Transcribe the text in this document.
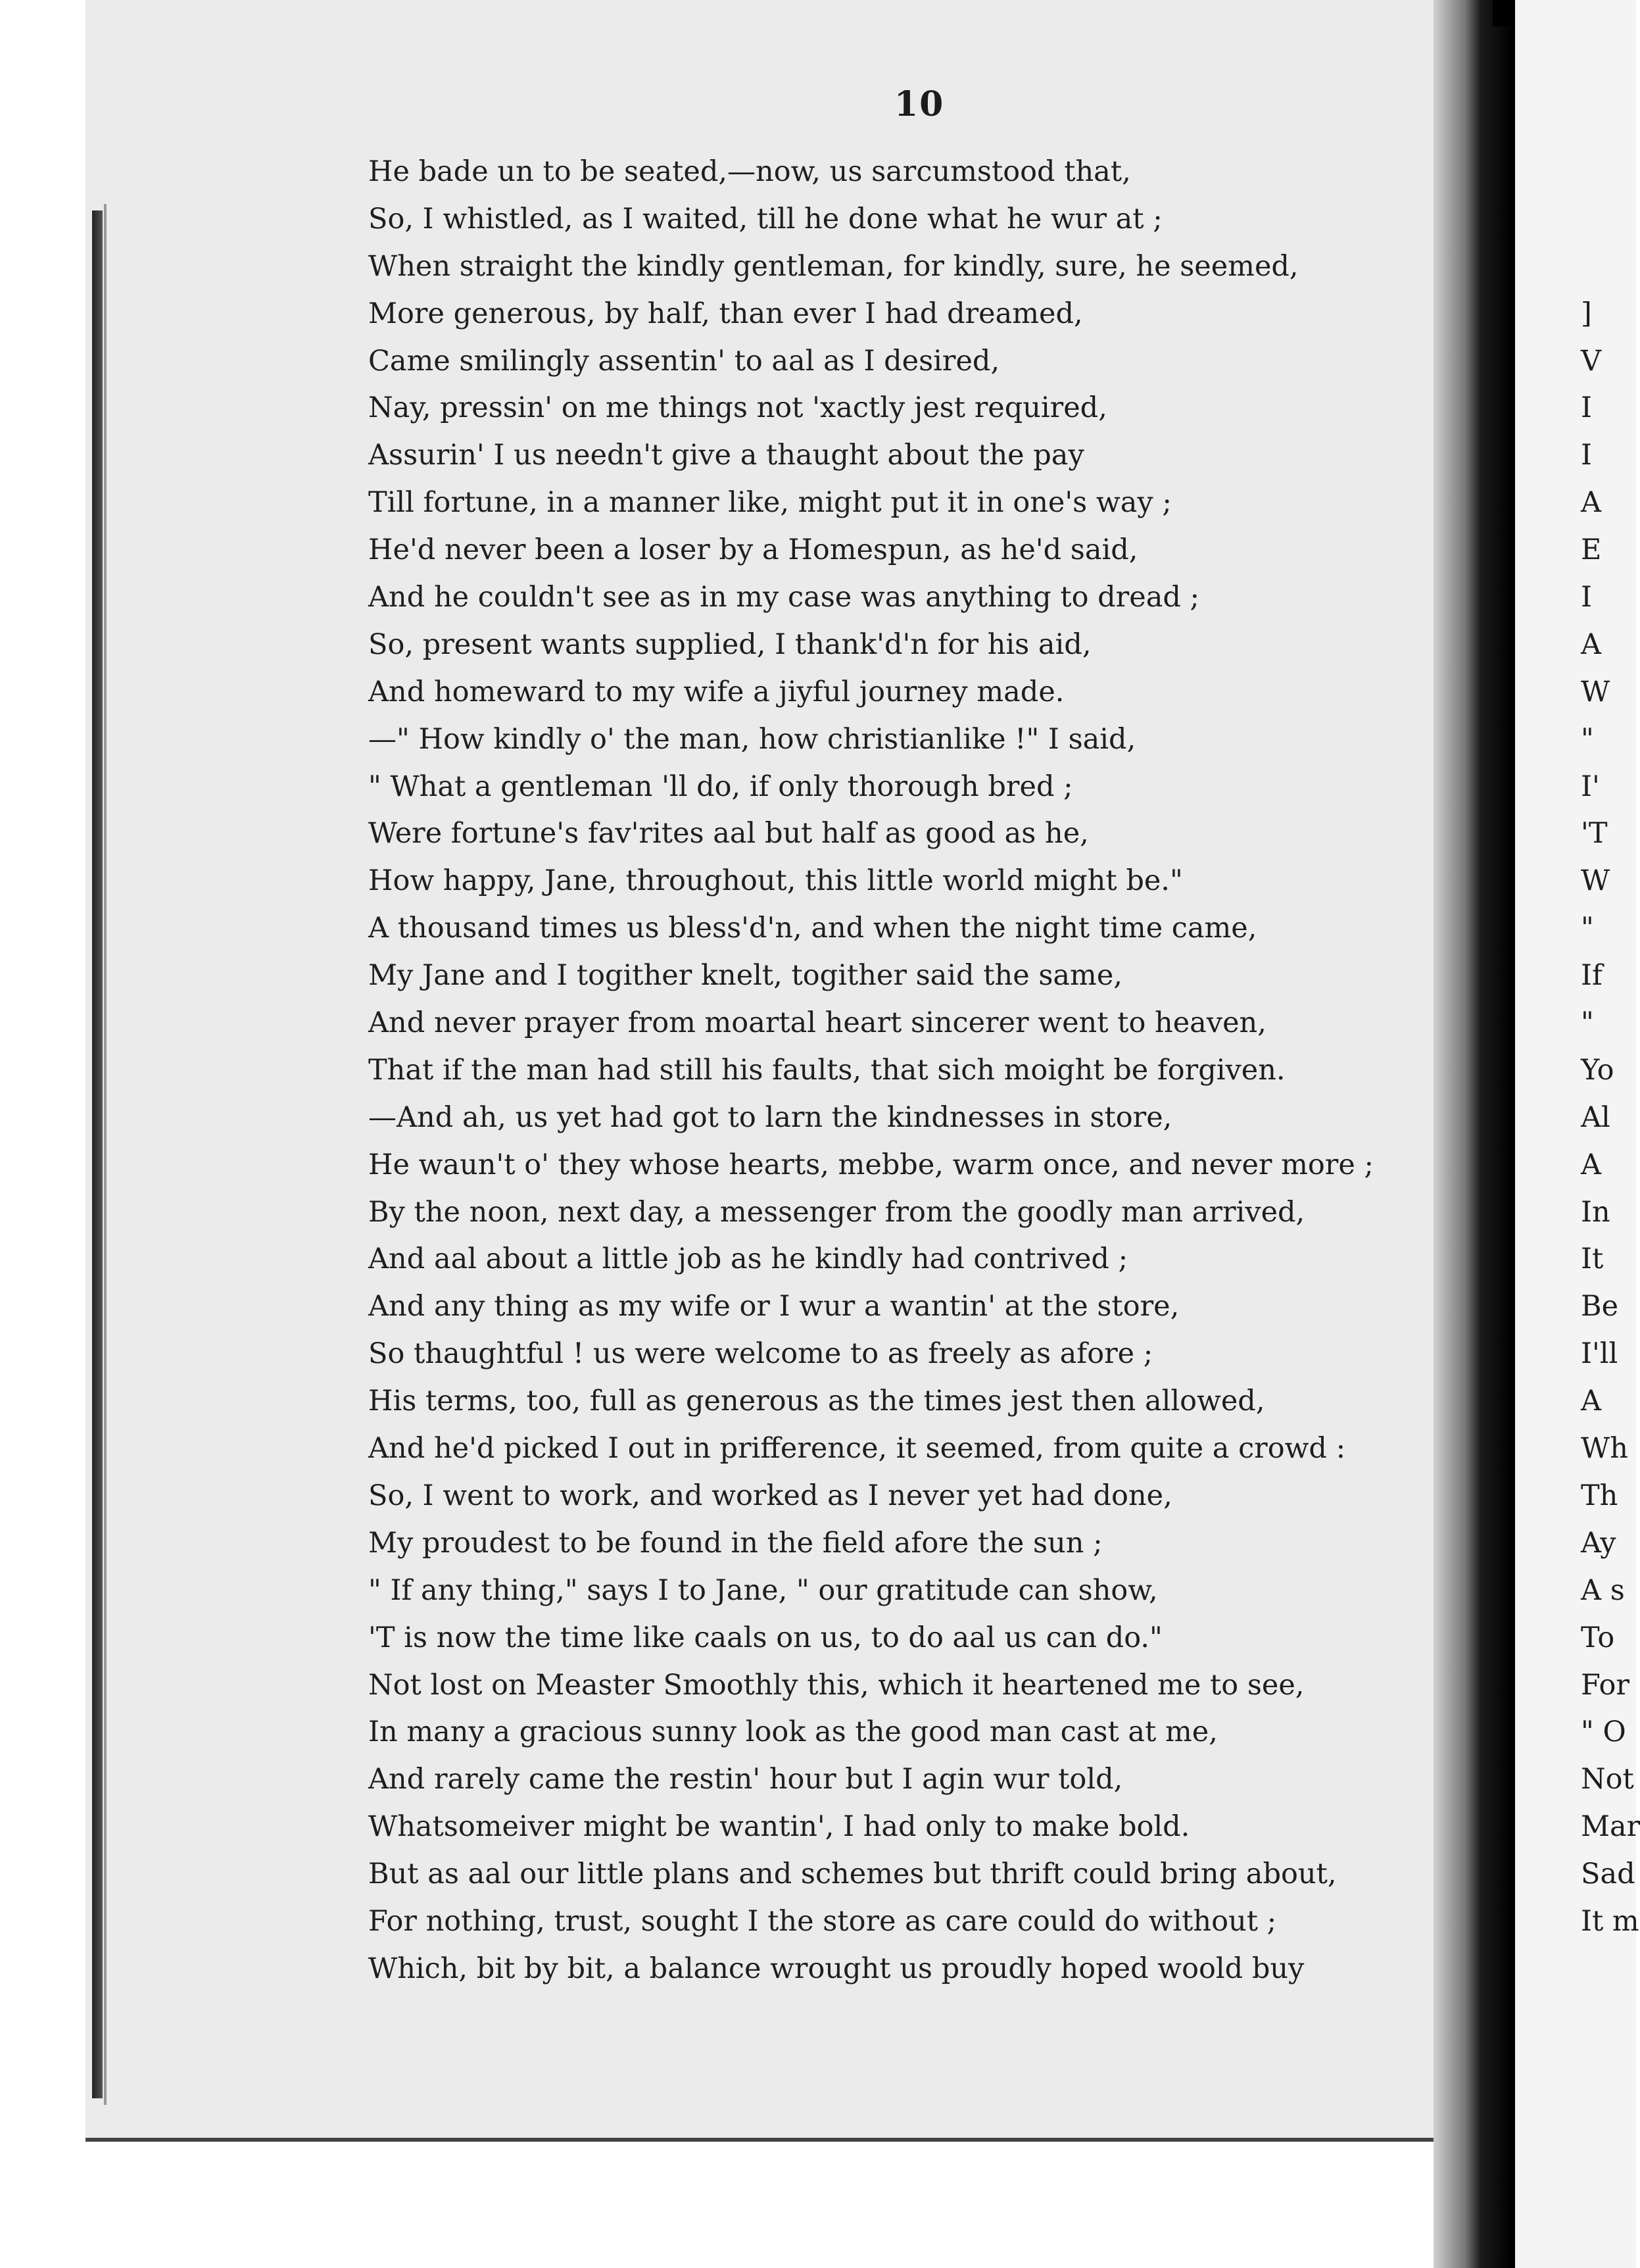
10

He bade un to be seated,—now, us sarcumstood that,
So, I whistled, as I waited, till he done what he wur at ;
When straight the kindly gentleman, for kindly, sure, he seemed,
More generous, by half, than ever I had dreamed,
Came smilingly assentin' to aal as I desired,
Nay, pressin' on me things not 'xactly jest required,
Assurin' I us needn't give a thaught about the pay
Till fortune, in a manner like, might put it in one's way ;
He'd never been a loser by a Homespun, as he'd said,
And he couldn't see as in my case was anything to dread ;
So, present wants supplied, I thank'd'n for his aid,
And homeward to my wife a jiyful journey made.
—" How kindly o' the man, how christianlike !" I said,
" What a gentleman 'll do, if only thorough bred ;
Were fortune's fav'rites aal but half as good as he,
How happy, Jane, throughout, this little world might be."
A thousand times us bless'd'n, and when the night time came,
My Jane and I togither knelt, togither said the same,
And never prayer from moartal heart sincerer went to heaven,
That if the man had still his faults, that sich moight be forgiven.
—And ah, us yet had got to larn the kindnesses in store,
He waun't o' they whose hearts, mebbe, warm once, and never more ;
By the noon, next day, a messenger from the goodly man arrived,
And aal about a little job as he kindly had contrived ;
And any thing as my wife or I wur a wantin' at the store,
So thaughtful ! us were welcome to as freely as afore ;
His terms, too, full as generous as the times jest then allowed,
And he'd picked I out in prifference, it seemed, from quite a crowd :
So, I went to work, and worked as I never yet had done,
My proudest to be found in the field afore the sun ;
" If any thing," says I to Jane, " our gratitude can show,
'T is now the time like caals on us, to do aal us can do."
Not lost on Measter Smoothly this, which it heartened me to see,
In many a gracious sunny look as the good man cast at me,
And rarely came the restin' hour but I agin wur told,
Whatsomeiver might be wantin', I had only to make bold.
But as aal our little plans and schemes but thrift could bring about,
For nothing, trust, sought I the store as care could do without ;
Which, bit by bit, a balance wrought us proudly hoped woold buy
]
V
I
I
A
E
I
A
W
"
I'
'T
W
"
If
"
Yo
Al
A
In
It
Be
I'll
A
Wh
Th
Ay
A s
To
For
" O
Not
Mar
Sad
It m
